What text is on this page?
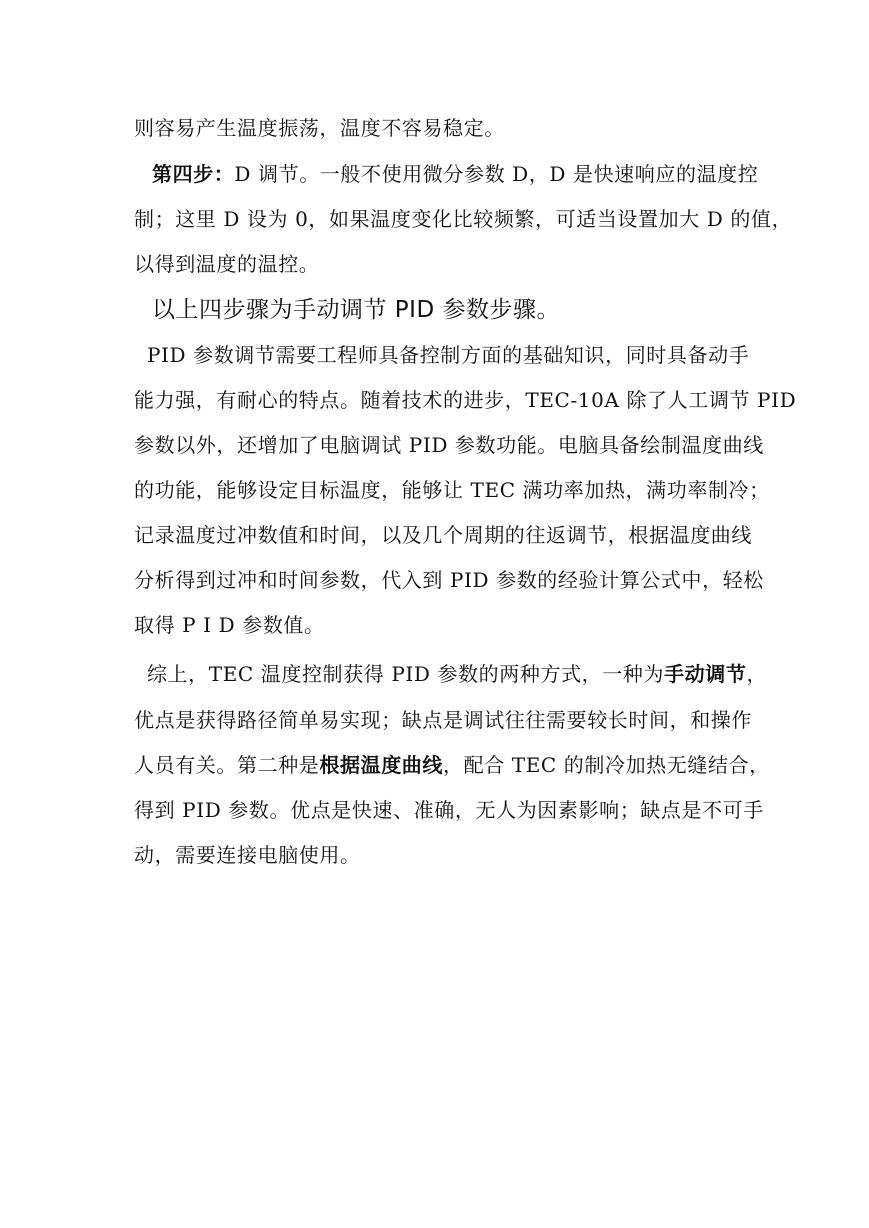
则容易产生温度振荡，温度不容易稳定。
第四步：D 调节。一般不使用微分参数 D，D 是快速响应的温度控
制；这里 D 设为 0，如果温度变化比较频繁，可适当设置加大 D 的值，
以得到温度的温控。
以上四步骤为手动调节 PID 参数步骤。
PID 参数调节需要工程师具备控制方面的基础知识，同时具备动手
能力强，有耐心的特点。随着技术的进步，TEC-10A 除了人工调节 PID
参数以外，还增加了电脑调试 PID 参数功能。电脑具备绘制温度曲线
的功能，能够设定目标温度，能够让 TEC 满功率加热，满功率制冷；
记录温度过冲数值和时间，以及几个周期的往返调节，根据温度曲线
分析得到过冲和时间参数，代入到 PID 参数的经验计算公式中，轻松
取得 P I D 参数值。
综上，TEC 温度控制获得 PID 参数的两种方式，一种为手动调节，
优点是获得路径简单易实现；缺点是调试往往需要较长时间，和操作
人员有关。第二种是根据温度曲线，配合 TEC 的制冷加热无缝结合，
得到 PID 参数。优点是快速、准确，无人为因素影响；缺点是不可手
动，需要连接电脑使用。
